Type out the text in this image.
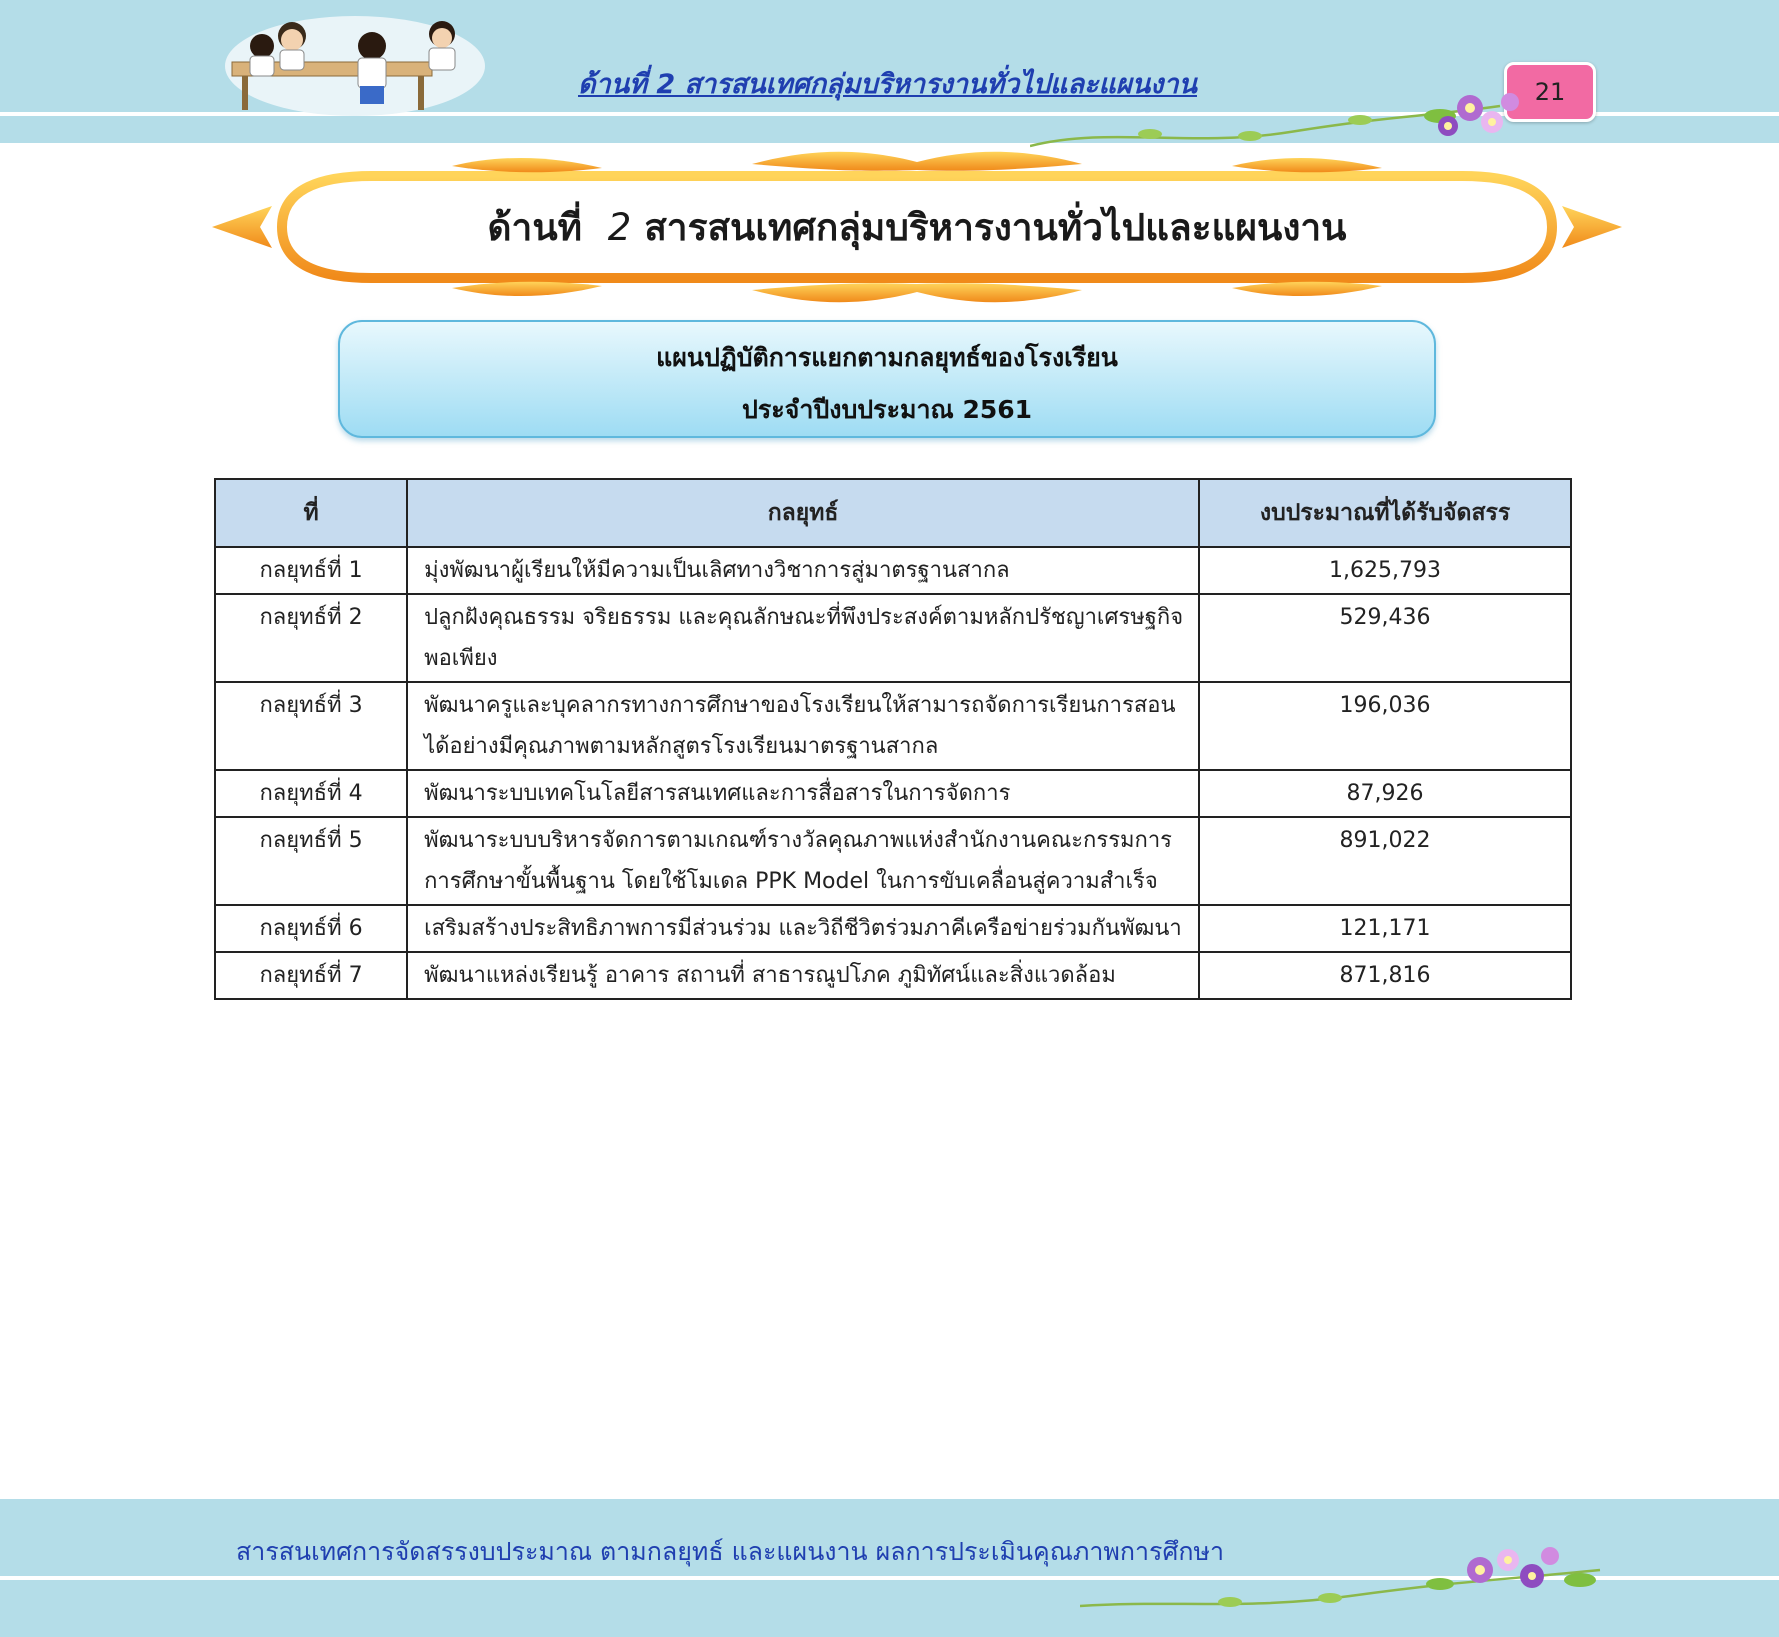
ด้านที่ 2 สารสนเทศกลุ่มบริหารงานทั่วไปและแผนงาน	21
ด้านที่ 2 สารสนเทศกลุ่มบริหารงานทั่วไปและแผนงาน
แผนปฏิบัติการแยกตามกลยุทธ์ของโรงเรียน
ประจำปีงบประมาณ 2561
ที่	กลยุทธ์	งบประมาณที่ได้รับจัดสรร
กลยุทธ์ที่ 1	มุ่งพัฒนาผู้เรียนให้มีความเป็นเลิศทางวิชาการสู่มาตรฐานสากล	1,625,793
กลยุทธ์ที่ 2	ปลูกฝังคุณธรรม จริยธรรม และคุณลักษณะที่พึงประสงค์ตามหลักปรัชญาเศรษฐกิจพอเพียง	529,436
กลยุทธ์ที่ 3	พัฒนาครูและบุคลากรทางการศึกษาของโรงเรียนให้สามารถจัดการเรียนการสอนได้อย่างมีคุณภาพตามหลักสูตรโรงเรียนมาตรฐานสากล	196,036
กลยุทธ์ที่ 4	พัฒนาระบบเทคโนโลยีสารสนเทศและการสื่อสารในการจัดการ	87,926
กลยุทธ์ที่ 5	พัฒนาระบบบริหารจัดการตามเกณฑ์รางวัลคุณภาพแห่งสำนักงานคณะกรรมการการศึกษาขั้นพื้นฐาน โดยใช้โมเดล PPK Model ในการขับเคลื่อนสู่ความสำเร็จ	891,022
กลยุทธ์ที่ 6	เสริมสร้างประสิทธิภาพการมีส่วนร่วม และวิถีชีวิตร่วมภาคีเครือข่ายร่วมกันพัฒนา	121,171
กลยุทธ์ที่ 7	พัฒนาแหล่งเรียนรู้ อาคาร สถานที่ สาธารณูปโภค ภูมิทัศน์และสิ่งแวดล้อม	871,816
สารสนเทศการจัดสรรงบประมาณ ตามกลยุทธ์ และแผนงาน ผลการประเมินคุณภาพการศึกษา
